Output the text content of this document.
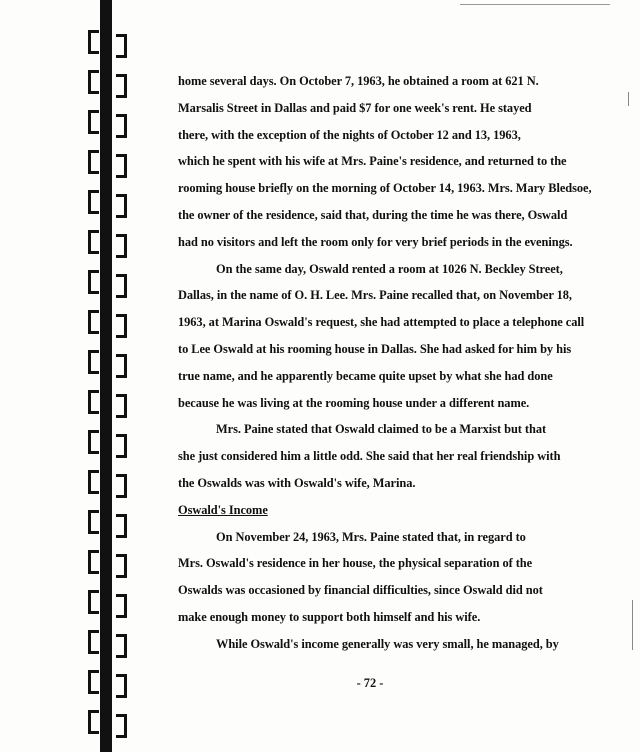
home several days. On October 7, 1963, he obtained a room at 621 N.
Marsalis Street in Dallas and paid $7 for one week's rent. He stayed
there, with the exception of the nights of October 12 and 13, 1963,
which he spent with his wife at Mrs. Paine's residence, and returned to the
rooming house briefly on the morning of October 14, 1963. Mrs. Mary Bledsoe,
the owner of the residence, said that, during the time he was there, Oswald
had no visitors and left the room only for very brief periods in the evenings.
On the same day, Oswald rented a room at 1026 N. Beckley Street,
Dallas, in the name of O. H. Lee. Mrs. Paine recalled that, on November 18,
1963, at Marina Oswald's request, she had attempted to place a telephone call
to Lee Oswald at his rooming house in Dallas. She had asked for him by his
true name, and he apparently became quite upset by what she had done
because he was living at the rooming house under a different name.
Mrs. Paine stated that Oswald claimed to be a Marxist but that
she just considered him a little odd. She said that her real friendship with
the Oswalds was with Oswald's wife, Marina.
Oswald's Income
On November 24, 1963, Mrs. Paine stated that, in regard to
Mrs. Oswald's residence in her house, the physical separation of the
Oswalds was occasioned by financial difficulties, since Oswald did not
make enough money to support both himself and his wife.
While Oswald's income generally was very small, he managed, by
- 72 -
